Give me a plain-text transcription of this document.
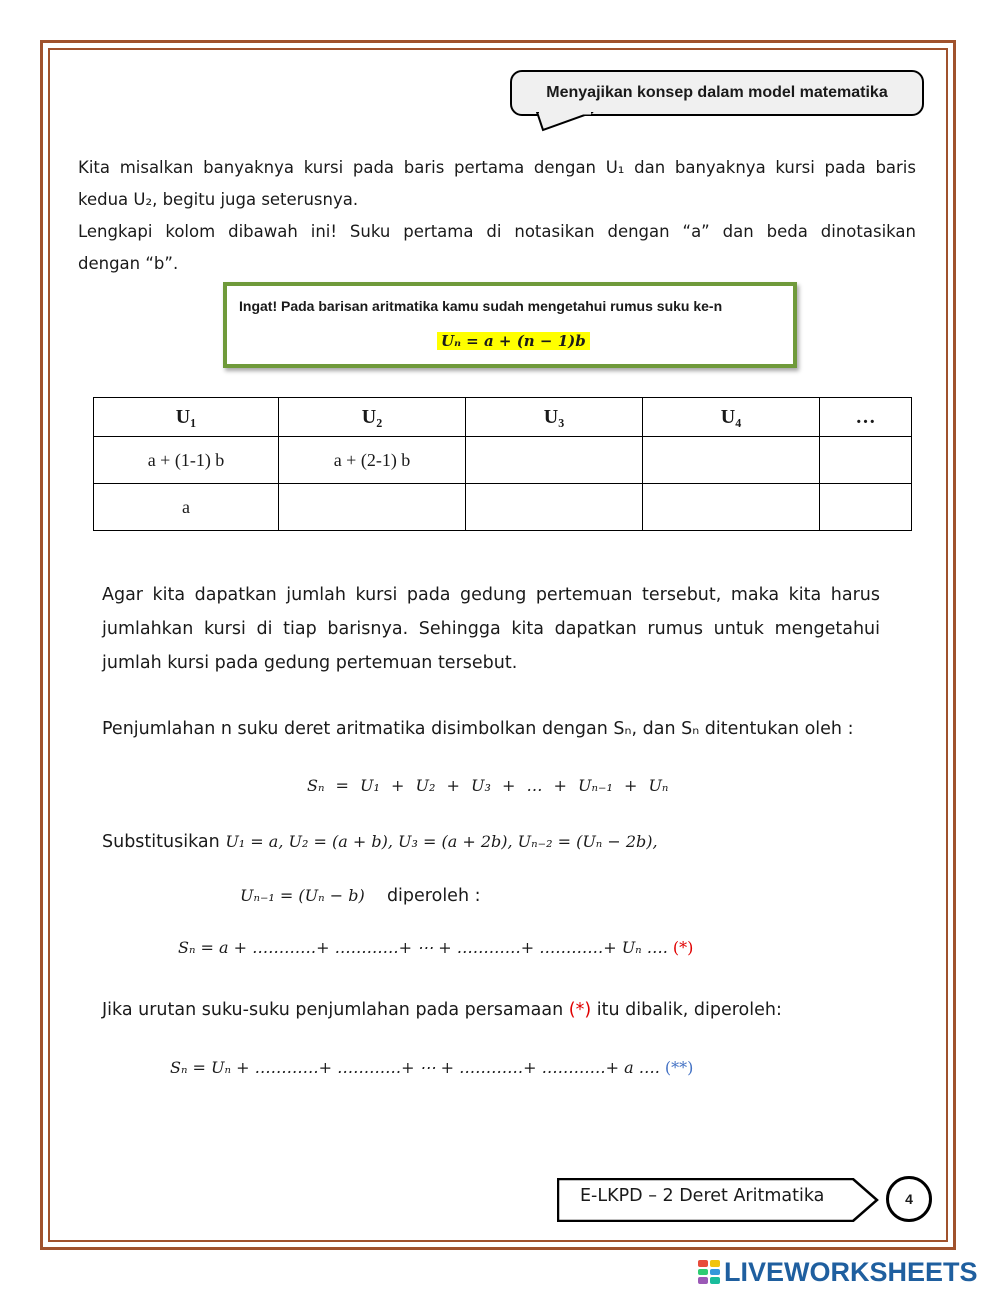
Menyajikan konsep dalam model matematika
Kita misalkan banyaknya kursi pada baris pertama dengan U₁ dan banyaknya kursi pada baris
kedua U₂, begitu juga seterusnya.
Lengkapi kolom dibawah ini! Suku pertama di notasikan dengan “a” dan beda dinotasikan
dengan “b”.
Ingat! Pada barisan aritmatika kamu sudah mengetahui rumus suku ke-n
Uₙ = a + (n − 1)b
U₁	U₂	U₃	U₄	…
a + (1-1) b	a + (2-1) b			
a				
Agar kita dapatkan jumlah kursi pada gedung pertemuan tersebut, maka kita harus jumlahkan kursi di tiap barisnya. Sehingga kita dapatkan rumus untuk mengetahui jumlah kursi pada gedung pertemuan tersebut.
Penjumlahan n suku deret aritmatika disimbolkan dengan Sₙ, dan Sₙ ditentukan oleh :
Sₙ = U₁ + U₂ + U₃ + … + Uₙ₋₁ + Uₙ
Substitusikan U₁ = a, U₂ = (a + b), U₃ = (a + 2b), Uₙ₋₂ = (Uₙ − 2b),
Uₙ₋₁ = (Uₙ − b) diperoleh :
Sₙ = a + …………+ …………+ ⋯ + …………+ …………+ Uₙ …. (*)
Jika urutan suku-suku penjumlahan pada persamaan (*) itu dibalik, diperoleh:
Sₙ = Uₙ + …………+ …………+ ⋯ + …………+ …………+ a …. (**)
E-LKPD – 2 Deret Aritmatika	4
LIVEWORKSHEETS
